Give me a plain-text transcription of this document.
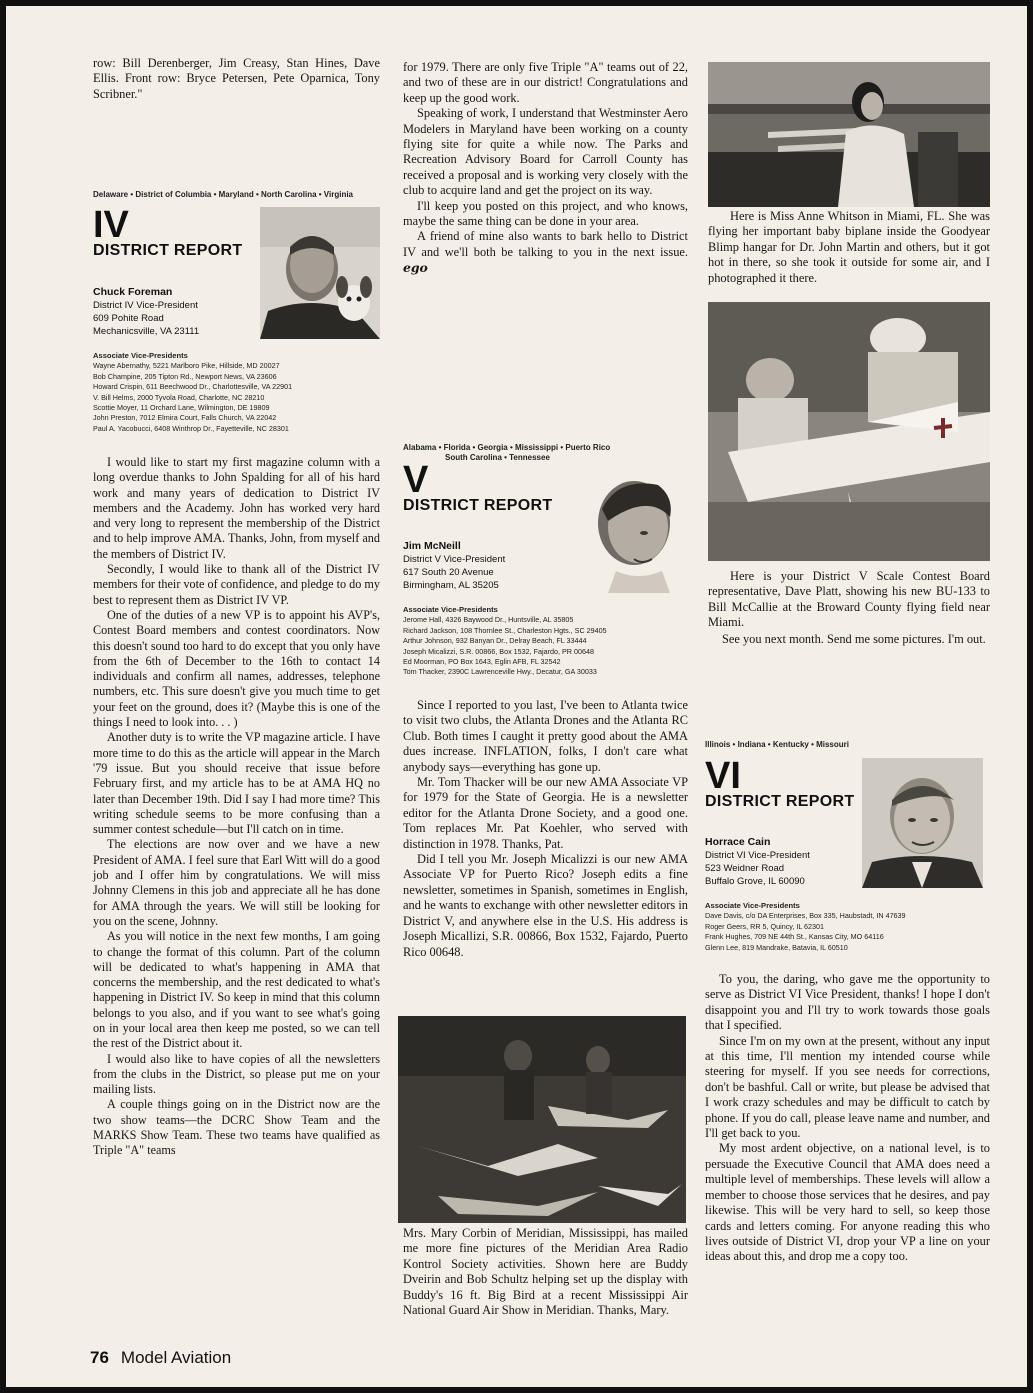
row: Bill Derenberger, Jim Creasy, Stan Hines, Dave Ellis. Front row: Bryce Petersen, Pete Oparnica, Tony Scribner."

Delaware • District of Columbia • Maryland • North Carolina • Virginia
IV
DISTRICT REPORT
Chuck Foreman
District IV Vice-President
609 Pohite Road
Mechanicsville, VA 23111
Associate Vice-Presidents
Wayne Abernathy, 5221 Marlboro Pike, Hillside, MD 20027
Bob Champine, 205 Tipton Rd., Newport News, VA 23606
Howard Crispin, 611 Beechwood Dr., Charlottesville, VA 22901
V. Bill Helms, 2000 Tyvola Road, Charlotte, NC 28210
Scottie Moyer, 11 Orchard Lane, Wilmington, DE 19809
John Preston, 7012 Elmira Court, Falls Church, VA 22042
Paul A. Yacobucci, 6408 Winthrop Dr., Fayetteville, NC 28301

I would like to start my first magazine column with a long overdue thanks to John Spalding for all of his hard work and many years of dedication to District IV members and the Academy. John has worked very hard and very long to represent the membership of the District and to help improve AMA. Thanks, John, from myself and the members of District IV.

Secondly, I would like to thank all of the District IV members for their vote of confidence, and pledge to do my best to represent them as District IV VP.

One of the duties of a new VP is to appoint his AVP's, Contest Board members and contest coordinators. Now this doesn't sound too hard to do except that you only have from the 6th of December to the 16th to contact 14 individuals and confirm all names, addresses, telephone numbers, etc. This sure doesn't give you much time to get your feet on the ground, does it? (Maybe this is one of the things I need to look into. . . )

Another duty is to write the VP magazine article. I have more time to do this as the article will appear in the March '79 issue. But you should receive that issue before February first, and my article has to be at AMA HQ no later than December 19th. Did I say I had more time? This writing schedule seems to be more confusing than a summer contest schedule—but I'll catch on in time.

The elections are now over and we have a new President of AMA. I feel sure that Earl Witt will do a good job and I offer him by congratulations. We will miss Johnny Clemens in this job and appreciate all he has done for AMA through the years. We will still be looking for you on the scene, Johnny.

As you will notice in the next few months, I am going to change the format of this column. Part of the column will be dedicated to what's happening in AMA that concerns the membership, and the rest dedicated to what's happening in District IV. So keep in mind that this column belongs to you also, and if you want to see what's going on in your local area then keep me posted, so we can tell the rest of the District about it.

I would also like to have copies of all the newsletters from the clubs in the District, so please put me on your mailing lists.

A couple things going on in the District now are the two show teams—the DCRC Show Team and the MARKS Show Team. These two teams have qualified as Triple "A" teams

for 1979. There are only five Triple "A" teams out of 22, and two of these are in our district! Congratulations and keep up the good work.

Speaking of work, I understand that Westminster Aero Modelers in Maryland have been working on a county flying site for quite a while now. The Parks and Recreation Advisory Board for Carroll County has received a proposal and is working very closely with the club to acquire land and get the project on its way.

I'll keep you posted on this project, and who knows, maybe the same thing can be done in your area.

A friend of mine also wants to bark hello to District IV and we'll both be talking to you in the next issue. ego

Alabama • Florida • Georgia • Mississippi • Puerto Rico
South Carolina • Tennessee
V
DISTRICT REPORT
Jim McNeill
District V Vice-President
617 South 20 Avenue
Birmingham, AL 35205
Associate Vice-Presidents
Jerome Hall, 4326 Baywood Dr., Huntsville, AL 35805
Richard Jackson, 108 Thornlee St., Charleston Hgts., SC 29405
Arthur Johnson, 932 Banyan Dr., Delray Beach, FL 33444
Joseph Micalizzi, S.R. 00866, Box 1532, Fajardo, PR 00648
Ed Moorman, PO Box 1643, Eglin AFB, FL 32542
Tom Thacker, 2390C Lawrenceville Hwy., Decatur, GA 30033

Since I reported to you last, I've been to Atlanta twice to visit two clubs, the Atlanta Drones and the Atlanta RC Club. Both times I caught it pretty good about the AMA dues increase. INFLATION, folks, I don't care what anybody says—everything has gone up.

Mr. Tom Thacker will be our new AMA Associate VP for 1979 for the State of Georgia. He is a newsletter editor for the Atlanta Drone Society, and a good one. Tom replaces Mr. Pat Koehler, who served with distinction in 1978. Thanks, Pat.

Did I tell you Mr. Joseph Micalizzi is our new AMA Associate VP for Puerto Rico? Joseph edits a fine newsletter, sometimes in Spanish, sometimes in English, and he wants to exchange with other newsletter editors in District V, and anywhere else in the U.S. His address is Joseph Micallizi, S.R. 00866, Box 1532, Fajardo, Puerto Rico 00648.

Mrs. Mary Corbin of Meridian, Mississippi, has mailed me more fine pictures of the Meridian Area Radio Kontrol Society activities. Shown here are Buddy Dveirin and Bob Schultz helping set up the display with Buddy's 16 ft. Big Bird at a recent Mississippi Air National Guard Air Show in Meridian. Thanks, Mary.
Here is Miss Anne Whitson in Miami, FL. She was flying her important baby biplane inside the Goodyear Blimp hangar for Dr. John Martin and others, but it got hot in there, so she took it outside for some air, and I photographed it there.
Here is your District V Scale Contest Board representative, Dave Platt, showing his new BU-133 to Bill McCallie at the Broward County flying field near Miami.

See you next month. Send me some pictures. I'm out.

Illinois • Indiana • Kentucky • Missouri
VI
DISTRICT REPORT
Horrace Cain
District VI Vice-President
523 Weidner Road
Buffalo Grove, IL 60090
Associate Vice-Presidents
Dave Davis, c/o DA Enterprises, Box 335, Haubstadt, IN 47639
Roger Geers, RR 5, Quincy, IL 62301
Frank Hughes, 709 NE 44th St., Kansas City, MO 64116
Glenn Lee, 819 Mandrake, Batavia, IL 60510

To you, the daring, who gave me the opportunity to serve as District VI Vice President, thanks! I hope I don't disappoint you and I'll try to work towards those goals that I specified.

Since I'm on my own at the present, without any input at this time, I'll mention my intended course while steering for myself. If you see needs for corrections, don't be bashful. Call or write, but please be advised that I work crazy schedules and may be difficult to catch by phone. If you do call, please leave name and number, and I'll get back to you.

My most ardent objective, on a national level, is to persuade the Executive Council that AMA does need a multiple level of memberships. These levels will allow a member to choose those services that he desires, and pay likewise. This will be very hard to sell, so keep those cards and letters coming. For anyone reading this who lives outside of District VI, drop your VP a line on your ideas about this, and drop me a copy too.

76 Model Aviation
